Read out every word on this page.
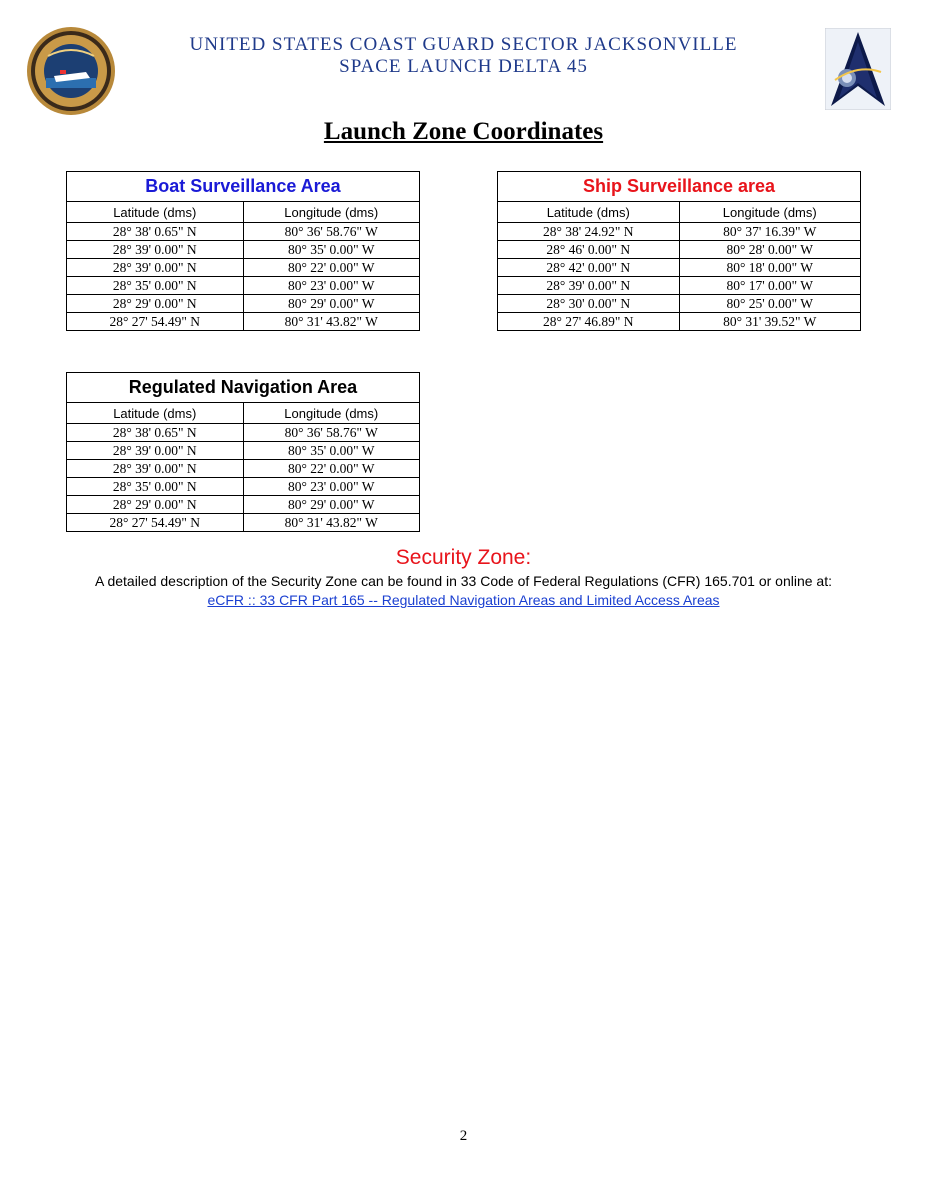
UNITED STATES COAST GUARD SECTOR JACKSONVILLE
SPACE LAUNCH DELTA 45
Launch Zone Coordinates
Boat Surveillance Area	
Latitude (dms)	Longitude (dms)
28° 38' 0.65" N	80° 36' 58.76" W
28° 39' 0.00" N	80° 35' 0.00" W
28° 39' 0.00" N	80° 22' 0.00" W
28° 35' 0.00" N	80° 23' 0.00" W
28° 29' 0.00" N	80° 29' 0.00" W
28° 27' 54.49" N	80° 31' 43.82" W
Ship Surveillance area	
Latitude (dms)	Longitude (dms)
28° 38' 24.92" N	80° 37' 16.39" W
28° 46' 0.00" N	80° 28' 0.00" W
28° 42' 0.00" N	80° 18' 0.00" W
28° 39' 0.00" N	80° 17' 0.00" W
28° 30' 0.00" N	80° 25' 0.00" W
28° 27' 46.89" N	80° 31' 39.52" W
Regulated Navigation Area	
Latitude (dms)	Longitude (dms)
28° 38' 0.65" N	80° 36' 58.76" W
28° 39' 0.00" N	80° 35' 0.00" W
28° 39' 0.00" N	80° 22' 0.00" W
28° 35' 0.00" N	80° 23' 0.00" W
28° 29' 0.00" N	80° 29' 0.00" W
28° 27' 54.49" N	80° 31' 43.82" W
Security Zone:
A detailed description of the Security Zone can be found in 33 Code of Federal Regulations (CFR) 165.701 or online at:
eCFR :: 33 CFR Part 165 -- Regulated Navigation Areas and Limited Access Areas
2
